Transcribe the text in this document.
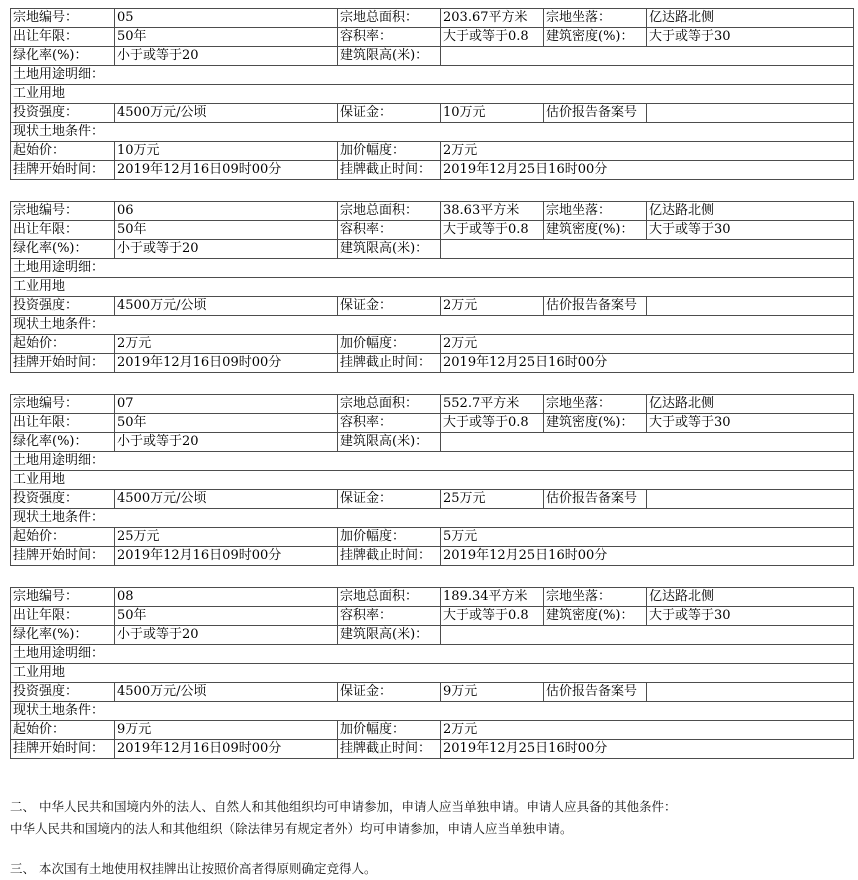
宗地编号：	05	宗地总面积：	203.67平方米	宗地坐落：	亿达路北侧
出让年限：	50年	容积率：	大于或等于0.8	建筑密度(%)：	大于或等于30
绿化率(%)：	小于或等于20	建筑限高(米)：			
土地用途明细：					
工业用地					
投资强度：	4500万元/公顷	保证金：	10万元	估价报告备案号	
现状土地条件：					
起始价：	10万元	加价幅度：	2万元		
挂牌开始时间：	2019年12月16日09时00分	挂牌截止时间：	2019年12月25日16时00分		
宗地编号：	06	宗地总面积：	38.63平方米	宗地坐落：	亿达路北侧
出让年限：	50年	容积率：	大于或等于0.8	建筑密度(%)：	大于或等于30
绿化率(%)：	小于或等于20	建筑限高(米)：			
土地用途明细：					
工业用地					
投资强度：	4500万元/公顷	保证金：	2万元	估价报告备案号	
现状土地条件：					
起始价：	2万元	加价幅度：	2万元		
挂牌开始时间：	2019年12月16日09时00分	挂牌截止时间：	2019年12月25日16时00分		
宗地编号：	07	宗地总面积：	552.7平方米	宗地坐落：	亿达路北侧
出让年限：	50年	容积率：	大于或等于0.8	建筑密度(%)：	大于或等于30
绿化率(%)：	小于或等于20	建筑限高(米)：			
土地用途明细：					
工业用地					
投资强度：	4500万元/公顷	保证金：	25万元	估价报告备案号	
现状土地条件：					
起始价：	25万元	加价幅度：	5万元		
挂牌开始时间：	2019年12月16日09时00分	挂牌截止时间：	2019年12月25日16时00分		
宗地编号：	08	宗地总面积：	189.34平方米	宗地坐落：	亿达路北侧
出让年限：	50年	容积率：	大于或等于0.8	建筑密度(%)：	大于或等于30
绿化率(%)：	小于或等于20	建筑限高(米)：			
土地用途明细：					
工业用地					
投资强度：	4500万元/公顷	保证金：	9万元	估价报告备案号	
现状土地条件：					
起始价：	9万元	加价幅度：	2万元		
挂牌开始时间：	2019年12月16日09时00分	挂牌截止时间：	2019年12月25日16时00分		

二、 中华人民共和国境内外的法人、自然人和其他组织均可申请参加，申请人应当单独申请。申请人应具备的其他条件：

中华人民共和国境内的法人和其他组织（除法律另有规定者外）均可申请参加，申请人应当单独申请。

三、 本次国有土地使用权挂牌出让按照价高者得原则确定竞得人。
